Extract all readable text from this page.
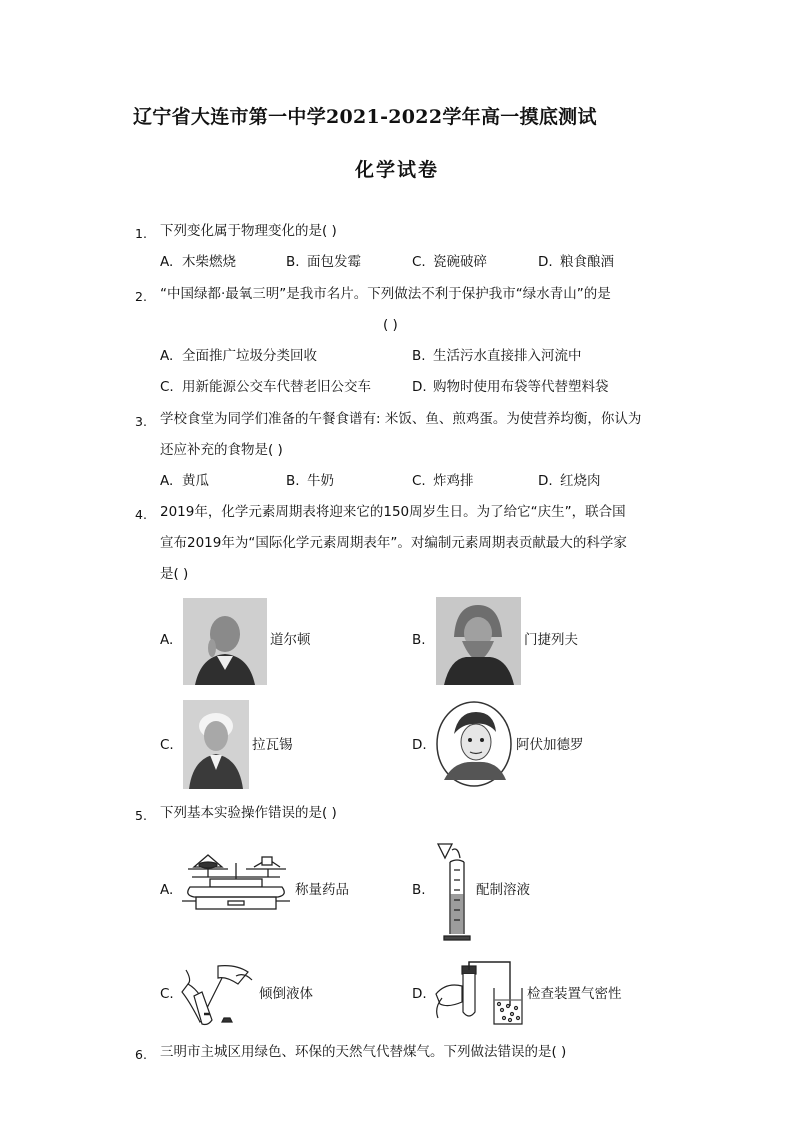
辽宁省大连市第一中学2021-2022学年高一摸底测试
化学试卷
1. 下列变化属于物理变化的是( )
A. 木柴燃烧	B. 面包发霉	C. 瓷碗破碎	D. 粮食酿酒
2. “中国绿都·最氧三明”是我市名片。下列做法不利于保护我市“绿水青山”的是
( )
A. 全面推广垃圾分类回收	B. 生活污水直接排入河流中
C. 用新能源公交车代替老旧公交车	D. 购物时使用布袋等代替塑料袋
3. 学校食堂为同学们准备的午餐食谱有: 米饭、鱼、煎鸡蛋。为使营养均衡，你认为
还应补充的食物是( )
A. 黄瓜	B. 牛奶	C. 炸鸡排	D. 红烧肉
4. 2019年，化学元素周期表将迎来它的150周岁生日。为了给它“庆生”，联合国
宣布2019年为“国际化学元素周期表年”。对编制元素周期表贡献最大的科学家
是( )
A.	道尔顿	B.	门捷列夫
C.	拉瓦锡	D.	阿伏加德罗
5. 下列基本实验操作错误的是( )
A.	称量药品	B.	配制溶液
C.	倾倒液体	D.	检查装置气密性
6. 三明市主城区用绿色、环保的天然气代替煤气。下列做法错误的是( )
